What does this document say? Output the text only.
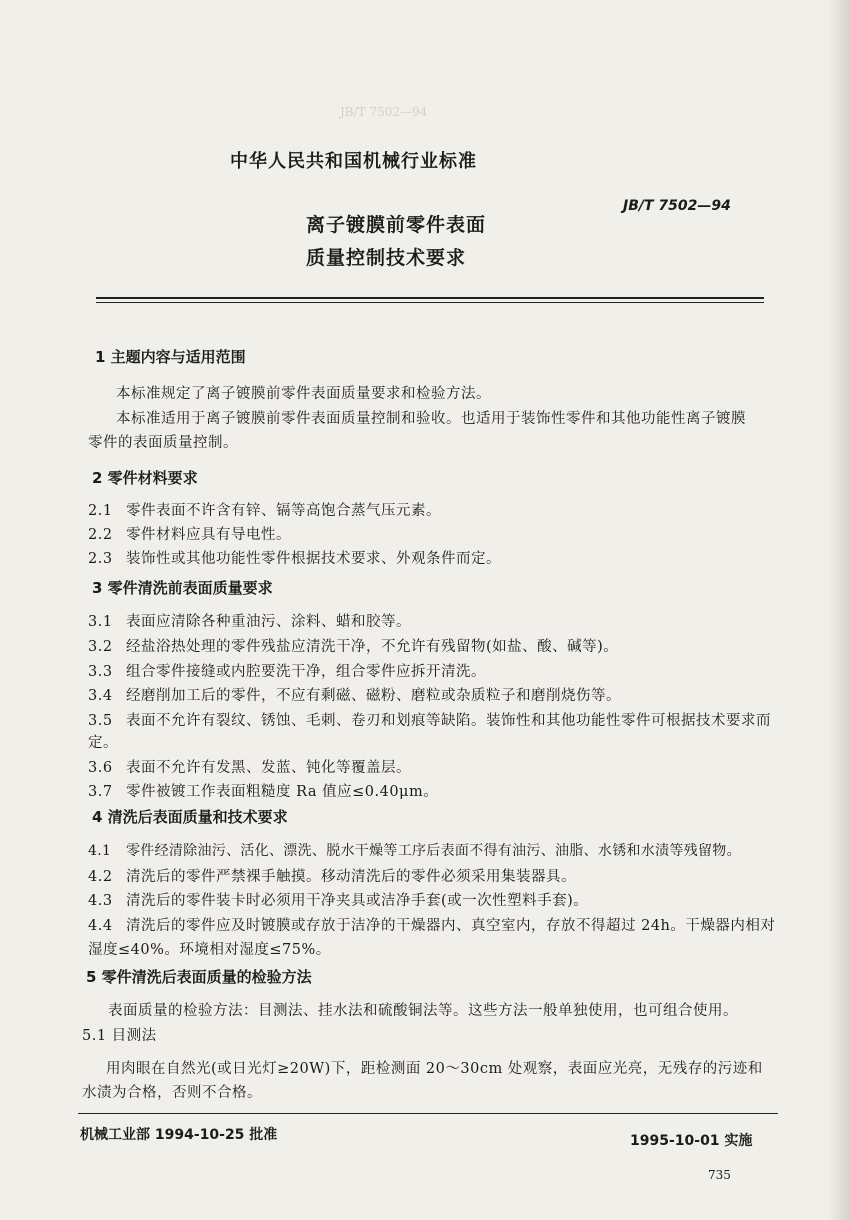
JB/T 7502—94
中华人民共和国机械行业标准
JB/T 7502—94
离子镀膜前零件表面
质量控制技术要求
1 主题内容与适用范围
本标准规定了离子镀膜前零件表面质量要求和检验方法。
本标准适用于离子镀膜前零件表面质量控制和验收。也适用于装饰性零件和其他功能性离子镀膜
零件的表面质量控制。
2 零件材料要求
2.1 零件表面不许含有锌、镉等高饱合蒸气压元素。
2.2 零件材料应具有导电性。
2.3 装饰性或其他功能性零件根据技术要求、外观条件而定。
3 零件清洗前表面质量要求
3.1 表面应清除各种重油污、涂料、蜡和胶等。
3.2 经盐浴热处理的零件残盐应清洗干净，不允许有残留物(如盐、酸、碱等)。
3.3 组合零件接缝或内腔要洗干净，组合零件应拆开清洗。
3.4 经磨削加工后的零件，不应有剩磁、磁粉、磨粒或杂质粒子和磨削烧伤等。
3.5 表面不允许有裂纹、锈蚀、毛刺、卷刃和划痕等缺陷。装饰性和其他功能性零件可根据技术要求而
定。
3.6 表面不允许有发黑、发蓝、钝化等覆盖层。
3.7 零件被镀工作表面粗糙度 Ra 值应≤0.40μm。
4 清洗后表面质量和技术要求
4.1 零件经清除油污、活化、漂洗、脱水干燥等工序后表面不得有油污、油脂、水锈和水渍等残留物。
4.2 清洗后的零件严禁裸手触摸。移动清洗后的零件必须采用集装器具。
4.3 清洗后的零件装卡时必须用干净夹具或洁净手套(或一次性塑料手套)。
4.4 清洗后的零件应及时镀膜或存放于洁净的干燥器内、真空室内，存放不得超过 24h。干燥器内相对
湿度≤40%。环境相对湿度≤75%。
5 零件清洗后表面质量的检验方法
表面质量的检验方法：目测法、挂水法和硫酸铜法等。这些方法一般单独使用，也可组合使用。
5.1 目测法
用肉眼在自然光(或日光灯≥20W)下，距检测面 20～30cm 处观察，表面应光亮，无残存的污迹和
水渍为合格，否则不合格。
机械工业部 1994-10-25 批准	1995-10-01 实施
735
